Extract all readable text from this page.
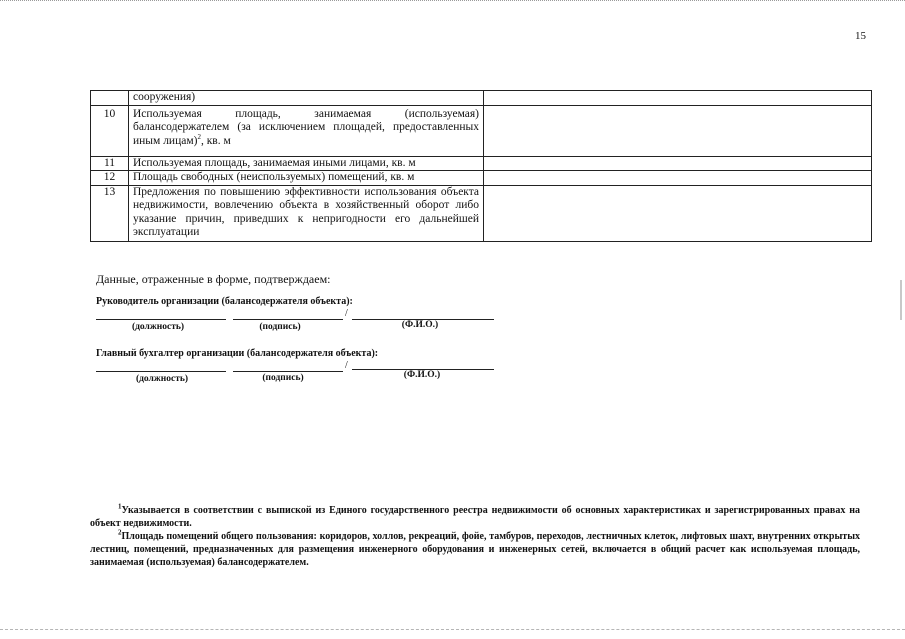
15
	сооружения)	
10	Используемая площадь, занимаемая (используемая) балансодержателем (за исключением площадей, предоставленных иным лицам)$^2$, кв. м	

11	Используемая площадь, занимаемая иными лицами, кв. м	
12	Площадь свободных (неиспользуемых) помещений, кв. м	
13	Предложения по повышению эффективности использования объекта недвижимости, вовлечению объекта в хозяйственный оборот либо указание причин, приведших к непригодности его дальнейшей эксплуатации	
Данные, отраженные в форме, подтверждаем:
Руководитель организации (балансодержателя объекта):
/
(должность)	(подпись)	(Ф.И.О.)
Главный бухгалтер организации (балансодержателя объекта):
/
(должность)	(подпись)	(Ф.И.О.)

$^1$Указывается в соответствии с выпиской из Единого государственного реестра недвижимости об основных характеристиках и зарегистрированных правах на объект недвижимости.

$^2$Площадь помещений общего пользования: коридоров, холлов, рекреаций, фойе, тамбуров, переходов, лестничных клеток, лифтовых шахт, внутренних открытых лестниц, помещений, предназначенных для размещения инженерного оборудования и инженерных сетей, включается в общий расчет как используемая площадь, занимаемая (используемая) балансодержателем.
